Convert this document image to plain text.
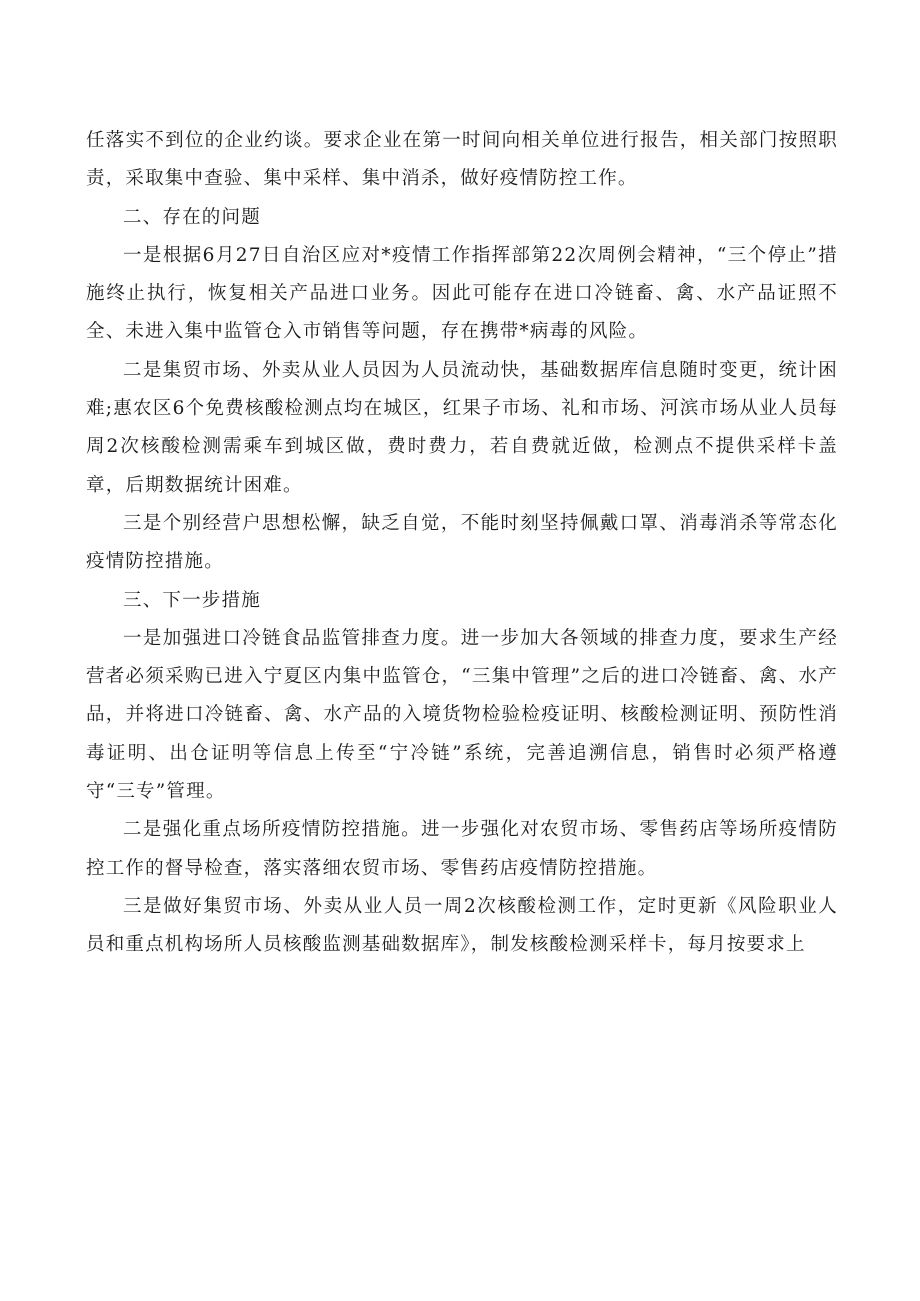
任落实不到位的企业约谈。要求企业在第一时间向相关单位进行报告，相关部门按照职责，采取集中查验、集中采样、集中消杀，做好疫情防控工作。

二、存在的问题

一是根据6月27日自治区应对*疫情工作指挥部第22次周例会精神，“三个停止”措施终止执行，恢复相关产品进口业务。因此可能存在进口冷链畜、禽、水产品证照不全、未进入集中监管仓入市销售等问题，存在携带*病毒的风险。

二是集贸市场、外卖从业人员因为人员流动快，基础数据库信息随时变更，统计困难;惠农区6个免费核酸检测点均在城区，红果子市场、礼和市场、河滨市场从业人员每周2次核酸检测需乘车到城区做，费时费力，若自费就近做，检测点不提供采样卡盖章，后期数据统计困难。

三是个别经营户思想松懈，缺乏自觉，不能时刻坚持佩戴口罩、消毒消杀等常态化疫情防控措施。

三、下一步措施

一是加强进口冷链食品监管排查力度。进一步加大各领域的排查力度，要求生产经营者必须采购已进入宁夏区内集中监管仓，“三集中管理”之后的进口冷链畜、禽、水产品，并将进口冷链畜、禽、水产品的入境货物检验检疫证明、核酸检测证明、预防性消毒证明、出仓证明等信息上传至“宁冷链”系统，完善追溯信息，销售时必须严格遵守“三专”管理。

二是强化重点场所疫情防控措施。进一步强化对农贸市场、零售药店等场所疫情防控工作的督导检查，落实落细农贸市场、零售药店疫情防控措施。

三是做好集贸市场、外卖从业人员一周2次核酸检测工作，定时更新《风险职业人员和重点机构场所人员核酸监测基础数据库》，制发核酸检测采样卡，每月按要求上
